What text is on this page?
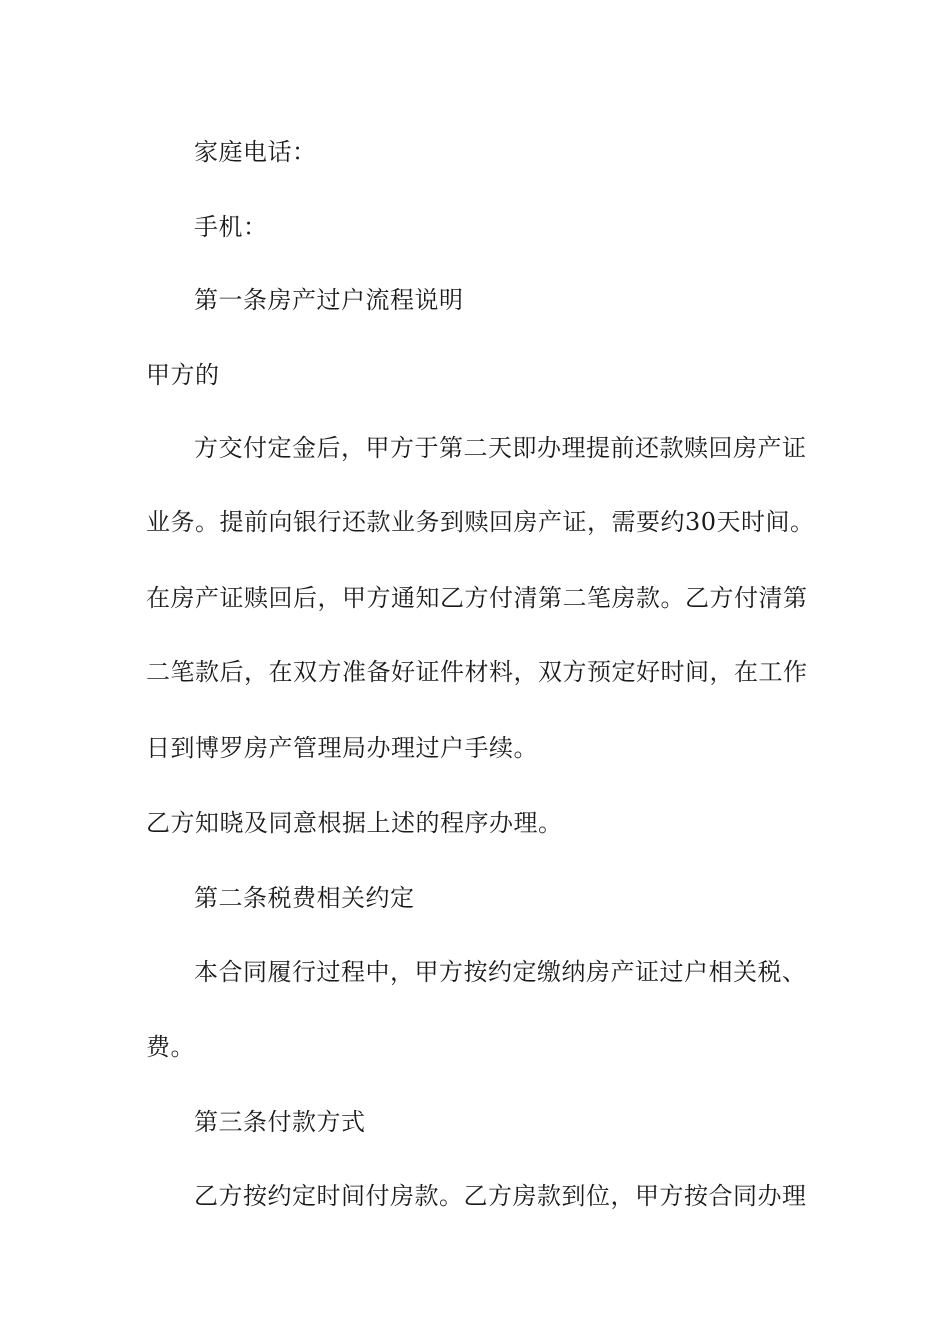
家庭电话：
手机：
第一条房产过户流程说明
甲方的
方交付定金后，甲方于第二天即办理提前还款赎回房产证
业务。提前向银行还款业务到赎回房产证，需要约30天时间。
在房产证赎回后，甲方通知乙方付清第二笔房款。乙方付清第
二笔款后，在双方准备好证件材料，双方预定好时间，在工作
日到博罗房产管理局办理过户手续。
乙方知晓及同意根据上述的程序办理。
第二条税费相关约定
本合同履行过程中，甲方按约定缴纳房产证过户相关税、
费。
第三条付款方式
乙方按约定时间付房款。乙方房款到位，甲方按合同办理
